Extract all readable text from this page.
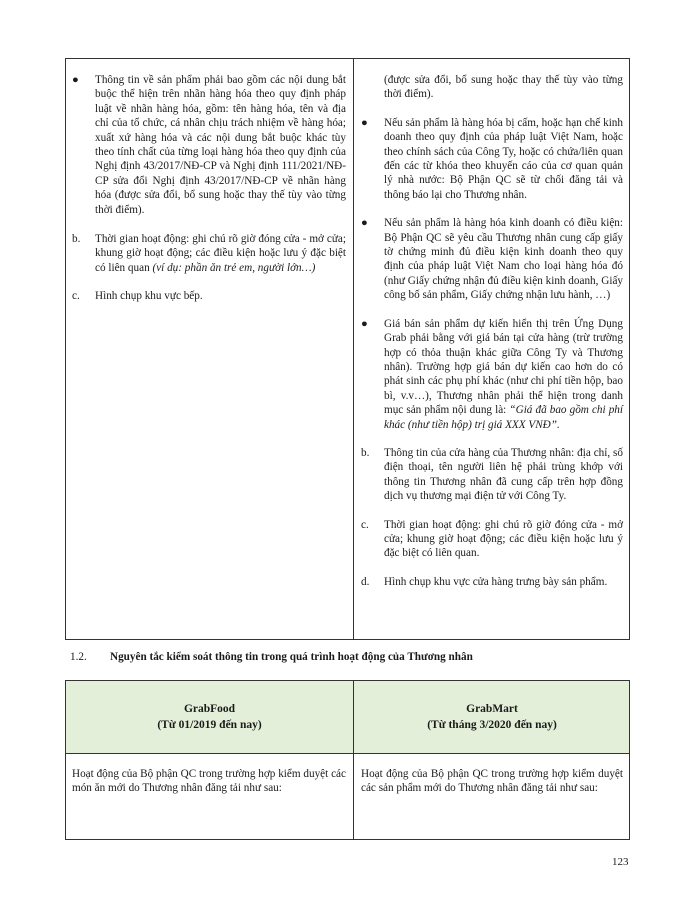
● Thông tin về sản phẩm phải bao gồm các nội dung bắt buộc thể hiện trên nhãn hàng hóa theo quy định pháp luật về nhãn hàng hóa, gồm: tên hàng hóa, tên và địa chỉ của tổ chức, cá nhân chịu trách nhiệm về hàng hóa; xuất xứ hàng hóa và các nội dung bắt buộc khác tùy theo tính chất của từng loại hàng hóa theo quy định của Nghị định 43/2017/NĐ-CP và Nghị định 111/2021/NĐ-CP sửa đổi Nghị định 43/2017/NĐ-CP về nhãn hàng hóa (được sửa đổi, bổ sung hoặc thay thế tùy vào từng thời điểm).
b. Thời gian hoạt động: ghi chú rõ giờ đóng cửa - mở cửa; khung giờ hoạt động; các điều kiện hoặc lưu ý đặc biệt có liên quan (ví dụ: phần ăn trẻ em, người lớn…)
c. Hình chụp khu vực bếp.
(được sửa đổi, bổ sung hoặc thay thế tùy vào từng thời điểm).
● Nếu sản phẩm là hàng hóa bị cấm, hoặc hạn chế kinh doanh theo quy định của pháp luật Việt Nam, hoặc theo chính sách của Công Ty, hoặc có chứa/liên quan đến các từ khóa theo khuyến cáo của cơ quan quản lý nhà nước: Bộ Phận QC sẽ từ chối đăng tải và thông báo lại cho Thương nhân.
● Nếu sản phẩm là hàng hóa kinh doanh có điều kiện: Bộ Phận QC sẽ yêu cầu Thương nhân cung cấp giấy tờ chứng minh đủ điều kiện kinh doanh theo quy định của pháp luật Việt Nam cho loại hàng hóa đó (như Giấy chứng nhận đủ điều kiện kinh doanh, Giấy công bố sản phẩm, Giấy chứng nhận lưu hành, …)
● Giá bán sản phẩm dự kiến hiển thị trên Ứng Dụng Grab phải bằng với giá bán tại cửa hàng (trừ trường hợp có thỏa thuận khác giữa Công Ty và Thương nhân). Trường hợp giá bán dự kiến cao hơn do có phát sinh các phụ phí khác (như chi phí tiền hộp, bao bì, v.v…), Thương nhân phải thể hiện trong danh mục sản phẩm nội dung là: “Giá đã bao gồm chi phí khác (như tiền hộp) trị giá XXX VNĐ”.
b. Thông tin của cửa hàng của Thương nhân: địa chỉ, số điện thoại, tên người liên hệ phải trùng khớp với thông tin Thương nhân đã cung cấp trên hợp đồng dịch vụ thương mại điện tử với Công Ty.
c. Thời gian hoạt động: ghi chú rõ giờ đóng cửa - mở cửa; khung giờ hoạt động; các điều kiện hoặc lưu ý đặc biệt có liên quan.
d. Hình chụp khu vực cửa hàng trưng bày sản phẩm.
1.2. Nguyên tắc kiểm soát thông tin trong quá trình hoạt động của Thương nhân
GrabFood
(Từ 01/2019 đến nay)
GrabMart
(Từ tháng 3/2020 đến nay)
Hoạt động của Bộ phận QC trong trường hợp kiểm duyệt các món ăn mới do Thương nhân đăng tải như sau:
Hoạt động của Bộ phận QC trong trường hợp kiểm duyệt các sản phẩm mới do Thương nhân đăng tải như sau:
123
